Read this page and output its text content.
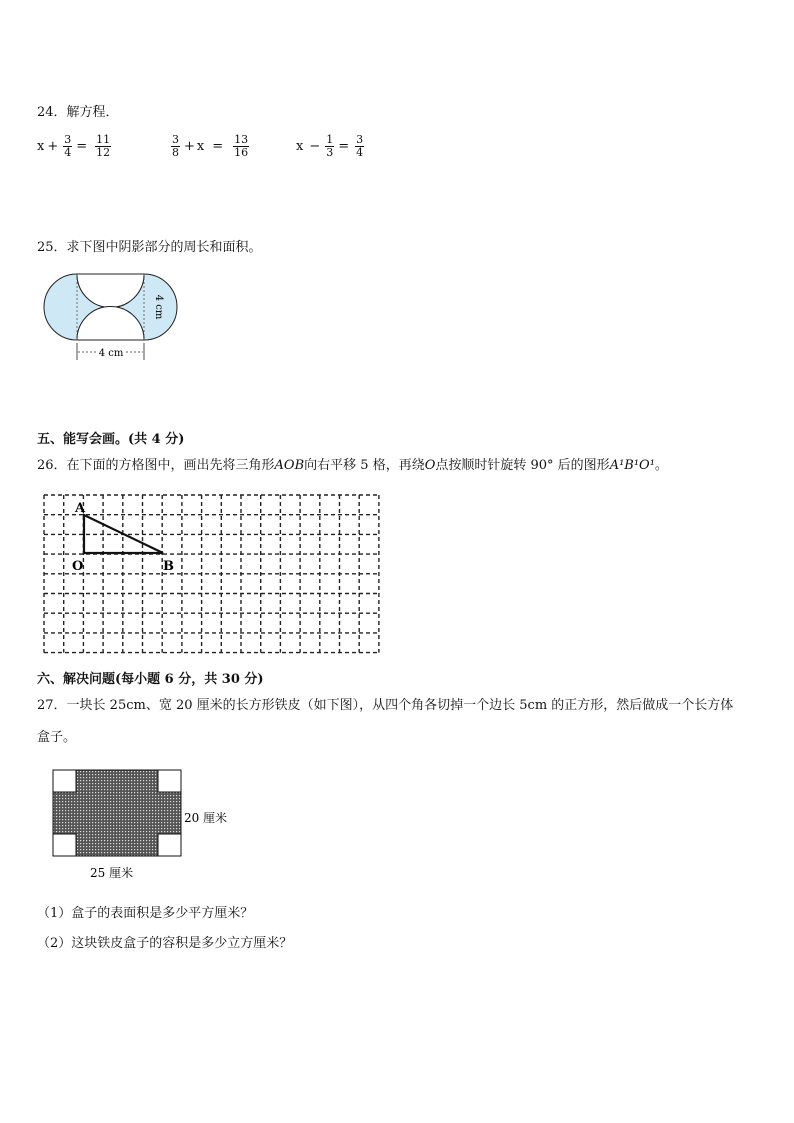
24．解方程．
$x + \frac{3}{4} = \frac{11}{12}$	$\frac{3}{8} + x = \frac{13}{16}$	$x - \frac{1}{3} = \frac{3}{4}$
25．求下图中阴影部分的周长和面积。
4 cm
4 cm
五、能写会画。(共 4 分)
26．在下面的方格图中，画出先将三角形AOB向右平移 5 格，再绕O点按顺时针旋转 90° 后的图形A¹B¹O¹。
A
O	B
六、解决问题(每小题 6 分，共 30 分)
27．一块长 25cm、宽 20 厘米的长方形铁皮（如下图），从四个角各切掉一个边长 5cm 的正方形，然后做成一个长方体
盒子。
20 厘米
25 厘米
（1）盒子的表面积是多少平方厘米？
（2）这块铁皮盒子的容积是多少立方厘米？
